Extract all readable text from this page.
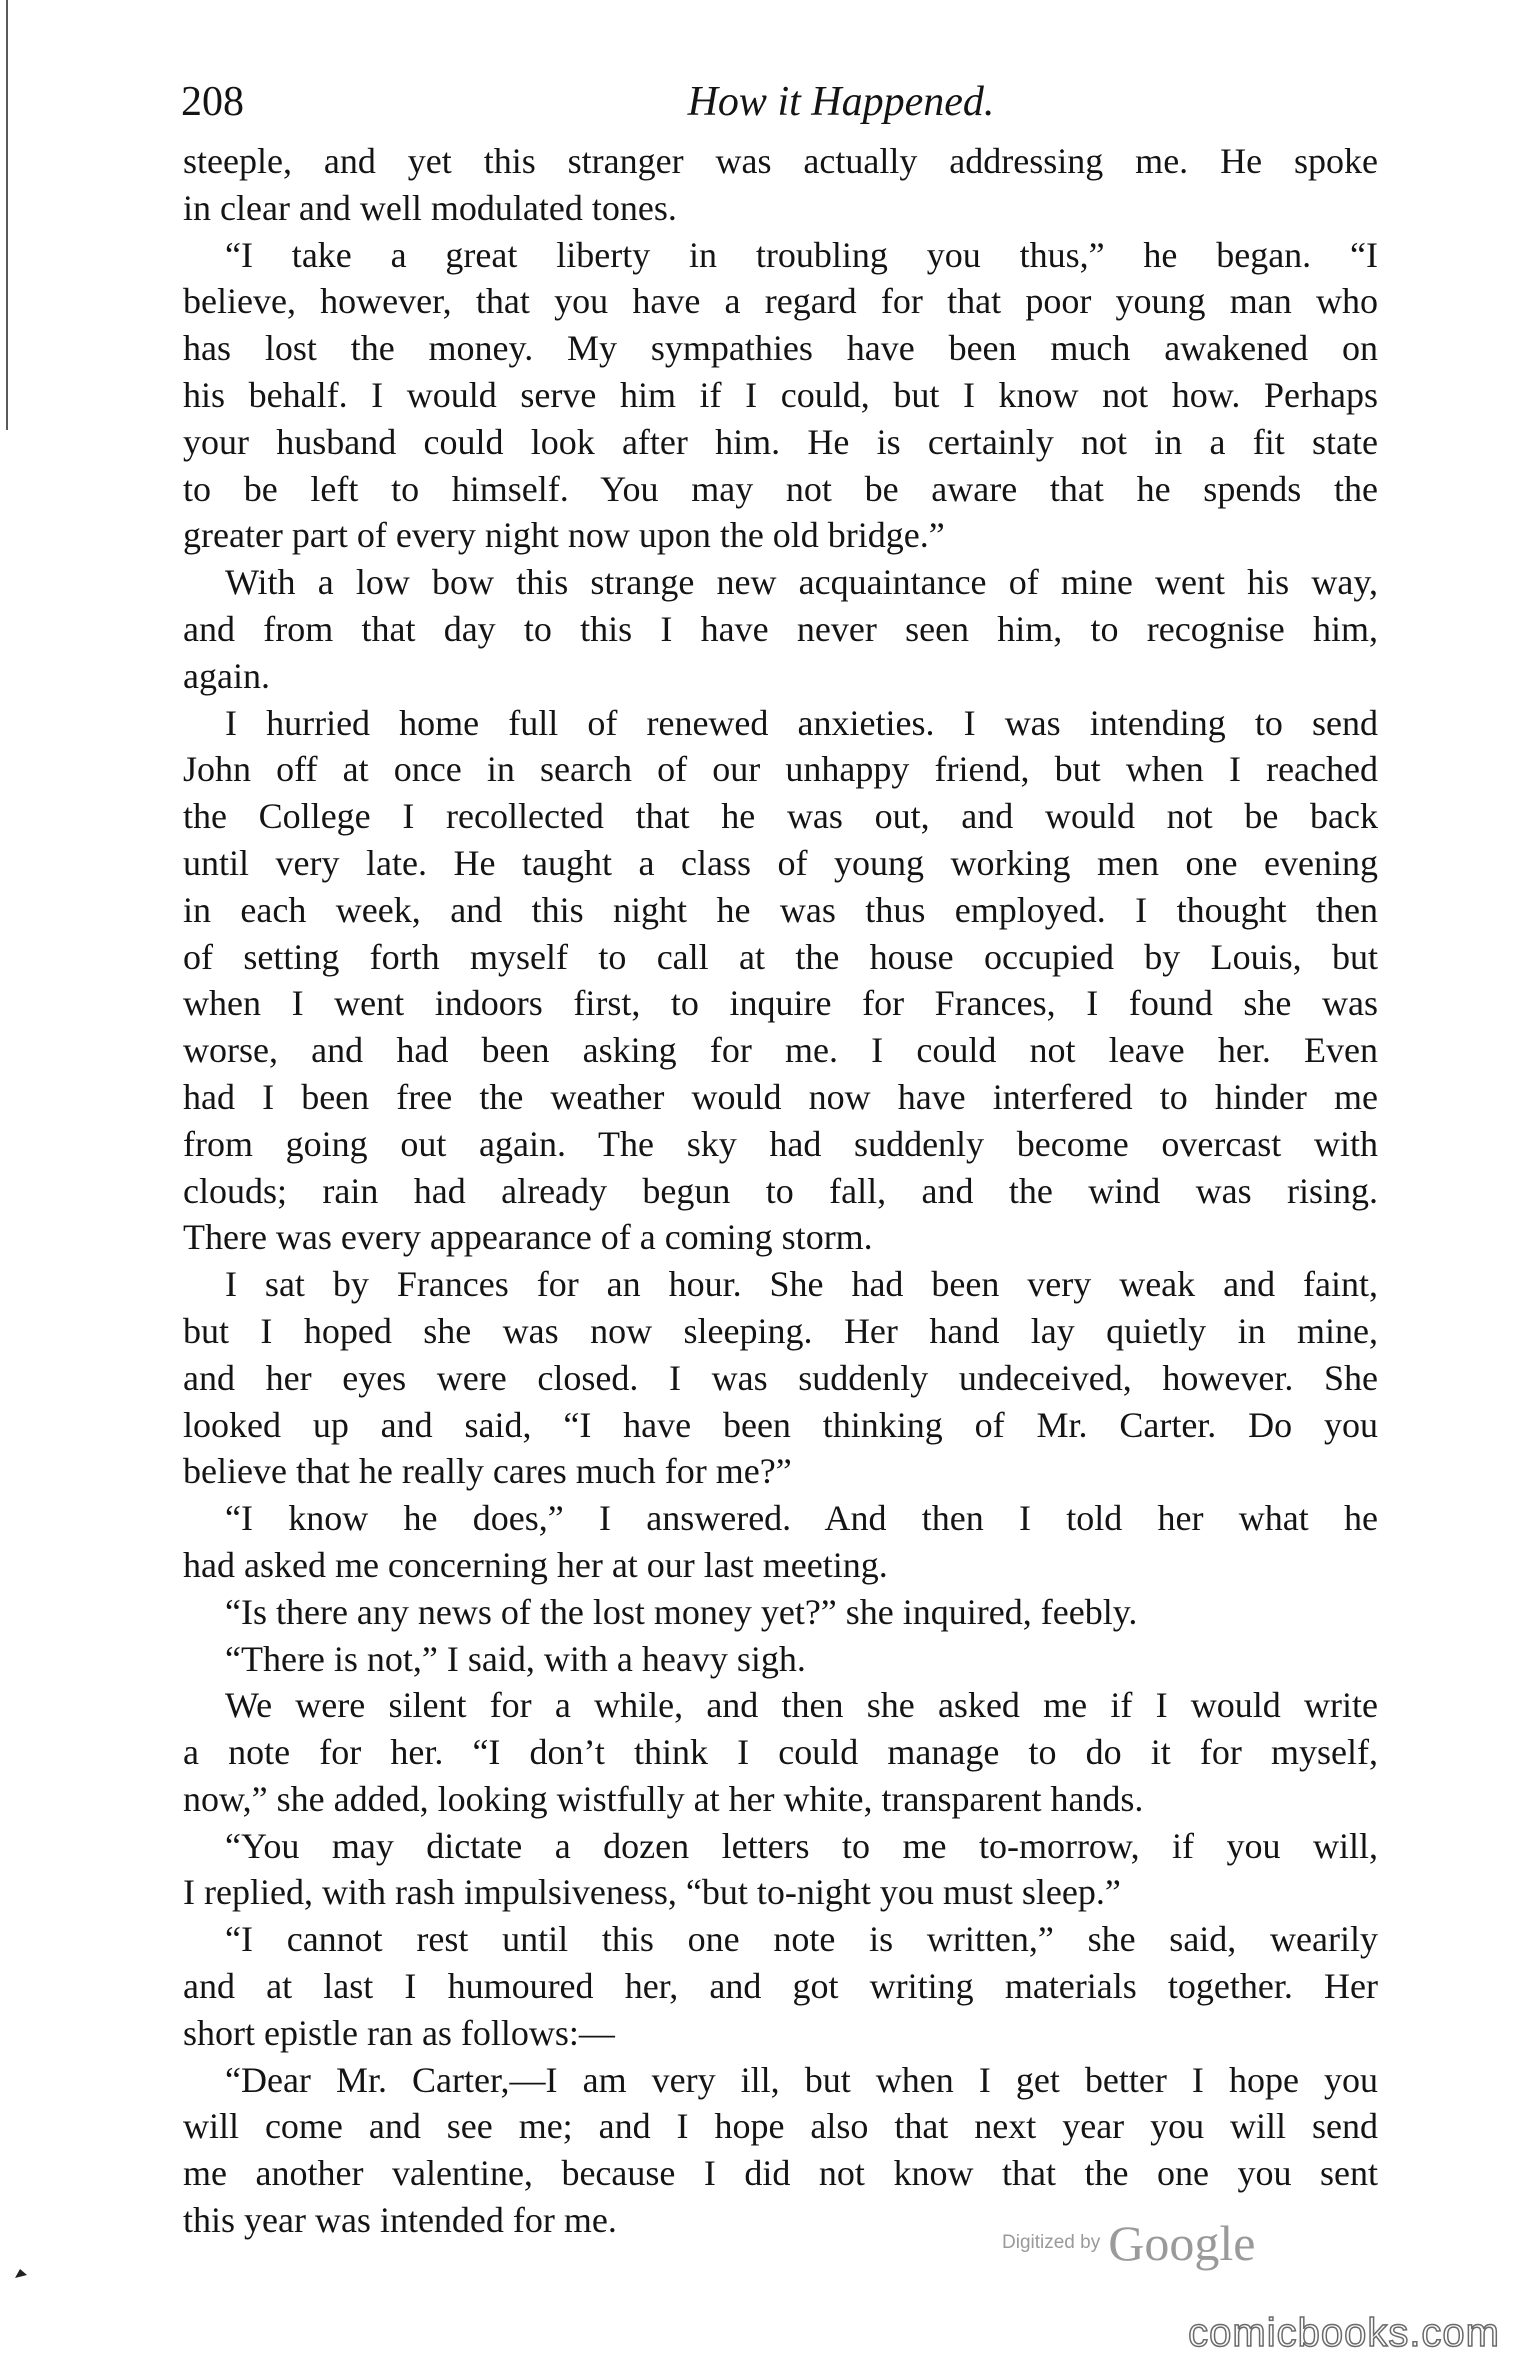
208	How it Happened.
steeple, and yet this stranger was actually addressing me. He spoke
in clear and well modulated tones.
“I take a great liberty in troubling you thus,” he began. “I
believe, however, that you have a regard for that poor young man who
has lost the money. My sympathies have been much awakened on
his behalf. I would serve him if I could, but I know not how. Perhaps
your husband could look after him. He is certainly not in a fit state
to be left to himself. You may not be aware that he spends the
greater part of every night now upon the old bridge.”
With a low bow this strange new acquaintance of mine went his way,
and from that day to this I have never seen him, to recognise him,
again.
I hurried home full of renewed anxieties. I was intending to send
John off at once in search of our unhappy friend, but when I reached
the College I recollected that he was out, and would not be back
until very late. He taught a class of young working men one evening
in each week, and this night he was thus employed. I thought then
of setting forth myself to call at the house occupied by Louis, but
when I went indoors first, to inquire for Frances, I found she was
worse, and had been asking for me. I could not leave her. Even
had I been free the weather would now have interfered to hinder me
from going out again. The sky had suddenly become overcast with
clouds; rain had already begun to fall, and the wind was rising.
There was every appearance of a coming storm.
I sat by Frances for an hour. She had been very weak and faint,
but I hoped she was now sleeping. Her hand lay quietly in mine,
and her eyes were closed. I was suddenly undeceived, however. She
looked up and said, “I have been thinking of Mr. Carter. Do you
believe that he really cares much for me?”
“I know he does,” I answered. And then I told her what he
had asked me concerning her at our last meeting.
“Is there any news of the lost money yet?” she inquired, feebly.
“There is not,” I said, with a heavy sigh.
We were silent for a while, and then she asked me if I would write
a note for her. “I don’t think I could manage to do it for myself,
now,” she added, looking wistfully at her white, transparent hands.
“You may dictate a dozen letters to me to-morrow, if you will,
I replied, with rash impulsiveness, “but to-night you must sleep.”
“I cannot rest until this one note is written,” she said, wearily
and at last I humoured her, and got writing materials together. Her
short epistle ran as follows:—
“Dear Mr. Carter,—I am very ill, but when I get better I hope you
will come and see me; and I hope also that next year you will send
me another valentine, because I did not know that the one you sent
this year was intended for me.
Digitized by Google
comicbooks.com
